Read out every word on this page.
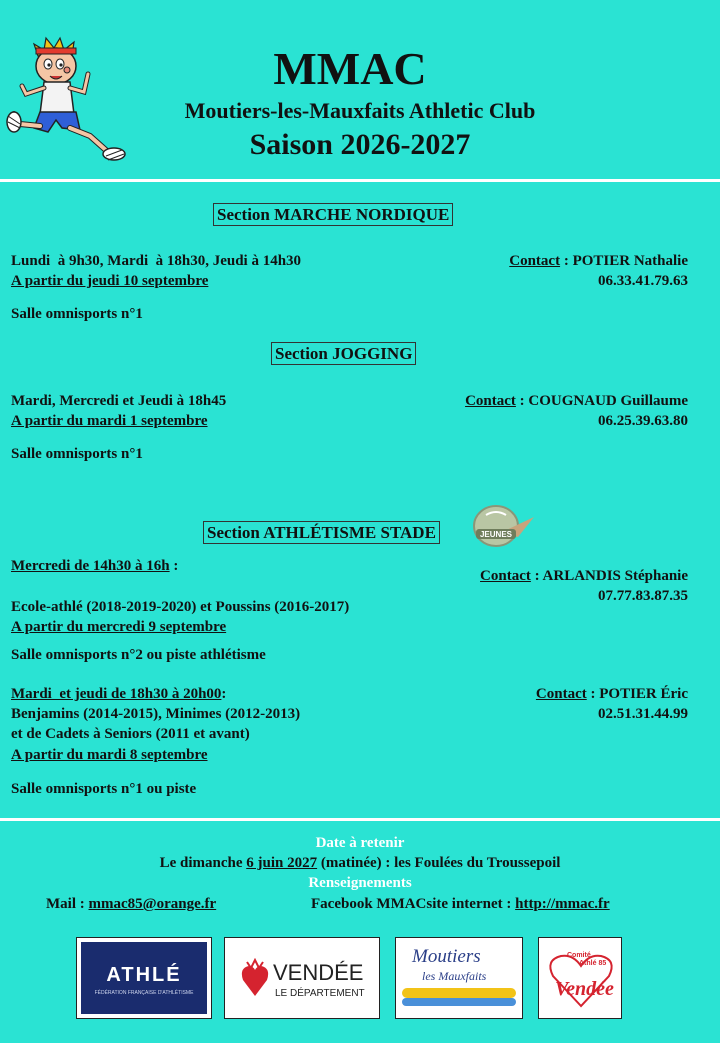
MMAC
Moutiers-les-Mauxfaits Athletic Club
Saison 2026-2027
Section MARCHE NORDIQUE
Lundi  à 9h30, Mardi  à 18h30, Jeudi à 14h30
A partir du jeudi 10 septembre
Salle omnisports n°1
Contact : POTIER Nathalie
06.33.41.79.63
Section JOGGING
Mardi, Mercredi et Jeudi à 18h45
A partir du mardi 1 septembre
Salle omnisports n°1
Contact : COUGNAUD Guillaume
06.25.39.63.80
Section ATHLÉTISME STADE	JEUNES
Mercredi de 14h30 à 16h :
Ecole-athlé (2018-2019-2020) et Poussins (2016-2017)
A partir du mercredi 9 septembre
Salle omnisports n°2 ou piste athlétisme
Contact : ARLANDIS Stéphanie
07.77.83.87.35
Mardi  et jeudi de 18h30 à 20h00:
Benjamins (2014-2015), Minimes (2012-2013)
et de Cadets à Seniors (2011 et avant)
A partir du mardi 8 septembre
Salle omnisports n°1 ou piste
Contact : POTIER Éric
02.51.31.44.99
Date à retenir
Le dimanche 6 juin 2027 (matinée) : les Foulées du Troussepoil
Renseignements
Mail : mmac85@orange.fr	Facebook MMACsite internet : http://mmac.fr
ATHLÉ
FÉDÉRATION FRANÇAISE D'ATHLÉTISME
VENDÉE
LE DÉPARTEMENT
Moutiers
les Mauxfaits
Comité
Athlé 85
Vendée
